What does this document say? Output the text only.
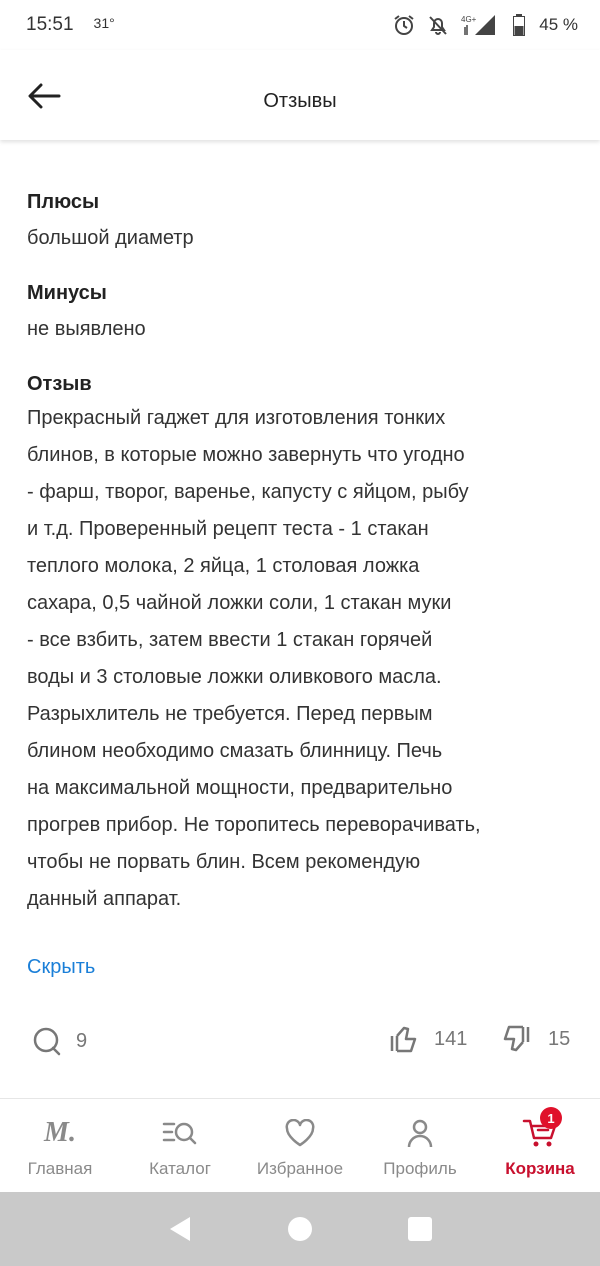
15:51 31°	4G+	45 %
Отзывы

Плюсы
большой диаметр
Минусы
не выявлено
Отзыв
Прекрасный гаджет для изготовления тонких
блинов, в которые можно завернуть что угодно
- фарш, творог, варенье, капусту с яйцом, рыбу
и т.д. Проверенный рецепт теста - 1 стакан
теплого молока, 2 яйца, 1 столовая ложка
сахара, 0,5 чайной ложки соли, 1 стакан муки
- все взбить, затем ввести 1 стакан горячей
воды и 3 столовые ложки оливкового масла.
Разрыхлитель не требуется. Перед первым
блином необходимо смазать блинницу. Печь
на максимальной мощности, предварительно
прогрев прибор. Не торопитесь переворачивать,
чтобы не порвать блин. Всем рекомендую
данный аппарат.
Скрыть
9	141	15
M.
Главная	Каталог	Избранное Профиль
1
Корзина
